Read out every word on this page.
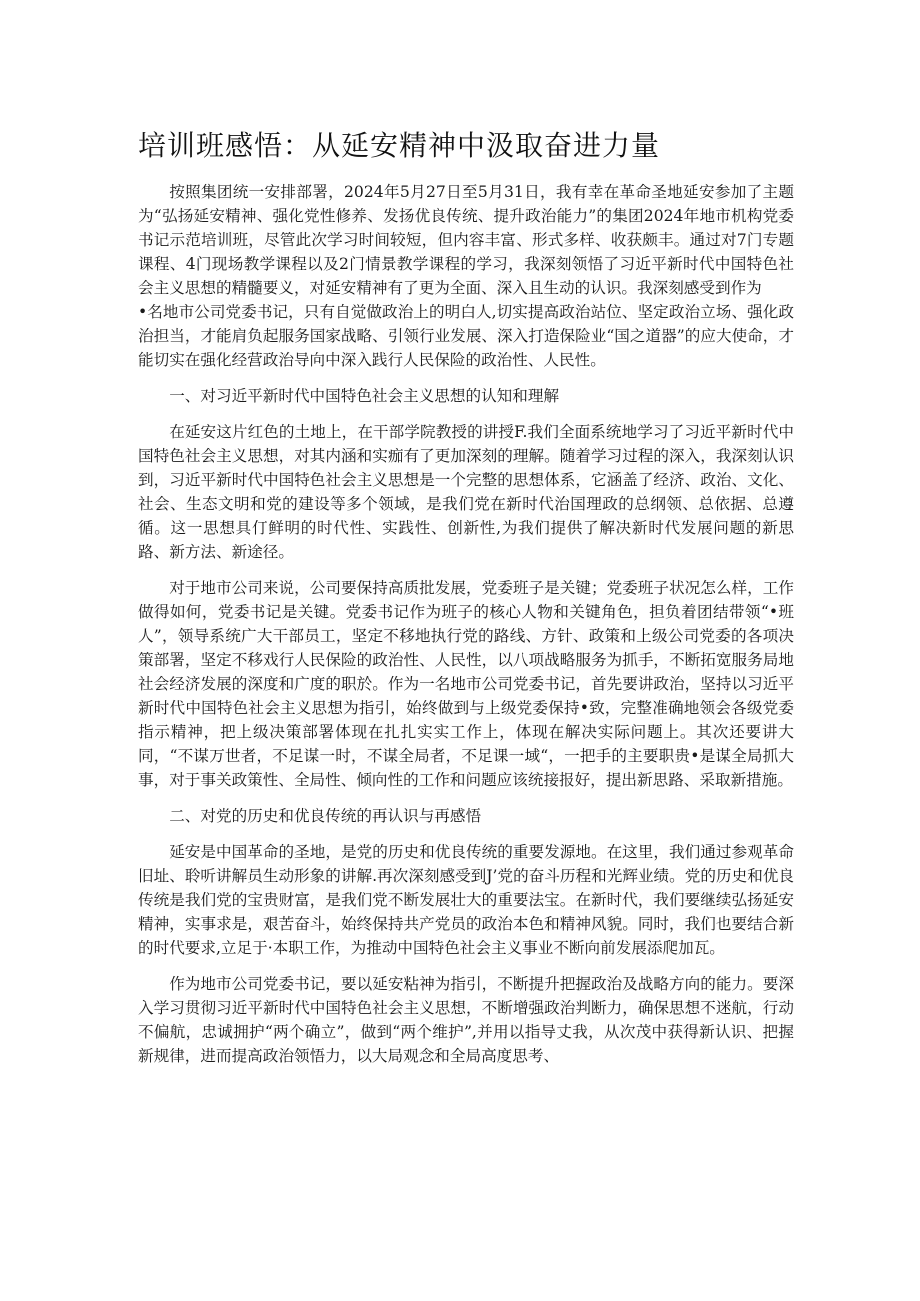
培训班感悟：从延安精神中汲取奋进力量

按照集团统一安排部署，2024年5月27日至5月31日，我有幸在革命圣地延安参加了主题为“弘扬延安精神、强化党性修养、发扬优良传统、提升政治能力”的集团2024年地市机构党委书记示范培训班，尽管此次学习时间较短，但内容丰富、形式多样、收获颇丰。通过对7门专题课程、4门现场教学课程以及2门情景教学课程的学习，我深刻领悟了习近平新时代中国特色社会主义思想的精髓要义，对延安精神有了更为全面、深入且生动的认识。我深刻感受到作为

•名地市公司党委书记，只有自觉做政治上的明白人,切实提高政治站位、坚定政治立场、强化政治担当，才能肩负起服务国家战略、引领行业发展、深入打造保险业“国之道器”的应大使命，才能切实在强化经营政治导向中深入践行人民保险的政治性、人民性。

一、对习近平新时代中国特色社会主义思想的认知和理解

在延安这片红色的土地上，在干部学院教授的讲授F.我们全面系统地学习了习近平新时代中国特色社会主义思想，对其内涵和实痂有了更加深刻的理解。随着学习过程的深入，我深刻认识到，习近平新时代中国特色社会主义思想是一个完整的思想体系，它涵盖了经济、政治、文化、社会、生态文明和党的建设等多个领域，是我们党在新时代治国理政的总纲领、总依据、总遵循。这一思想具仃鲜明的时代性、实践性、创新性,为我们提供了解决新时代发展问题的新思路、新方法、新途径。

对于地市公司来说，公司要保持高质批发展，党委班子是关键；党委班子状况怎么样，工作做得如何，党委书记是关键。党委书记作为班子的核心人物和关键角色，担负着团结带领“•班人”，领导系统广大干部员工，坚定不移地执行党的路线、方针、政策和上级公司党委的各项决策部署，坚定不移戏行人民保险的政治性、人民性，以八项战略服务为抓手，不断拓宽服务局地社会经济发展的深度和广度的职於。作为一名地市公司党委书记，首先要讲政治，坚持以习近平新时代中国特色社会主义思想为指引，始终做到与上级党委保持•致，完整准确地领会各级党委指示精神，把上级决策部署体现在扎扎实实工作上，体现在解决实际问题上。其次还要讲大同，“不谋万世者，不足谋一时，不谋全局者，不足课一域“，一把手的主要职贵•是谋全局抓大事，对于事关政策性、全局性、倾向性的工作和问题应该统接报好，提出新思路、采取新措施。

二、对党的历史和优良传统的再认识与再感悟

延安是中国革命的圣地，是党的历史和优良传统的重要发源地。在这里，我们通过参观革命旧址、聆听讲解员生动形象的讲解.再次深刻感受到J’党的奋斗历程和光辉业绩。党的历史和优良传统是我们党的宝贵财富，是我们党不断发展壮大的重要法宝。在新时代，我们要继续弘扬延安精神，实事求是，艰苦奋斗，始终保持共产党员的政治本色和精神风貌。同时，我们也要结合新的时代要求,立足于·本职工作，为推动中国特色社会主义事业不断向前发展添爬加瓦。

作为地市公司党委书记，要以延安粘神为指引，不断提升把握政治及战略方向的能力。要深入学习贯彻习近平新时代中国特色社会主义思想，不断增强政治判断力，确保思想不迷航，行动不偏航，忠诚拥护“两个确立”，做到“两个维护”,并用以指导丈我，从次茂中获得新认识、把握新规律，进而提高政治领悟力，以大局观念和全局高度思考、
